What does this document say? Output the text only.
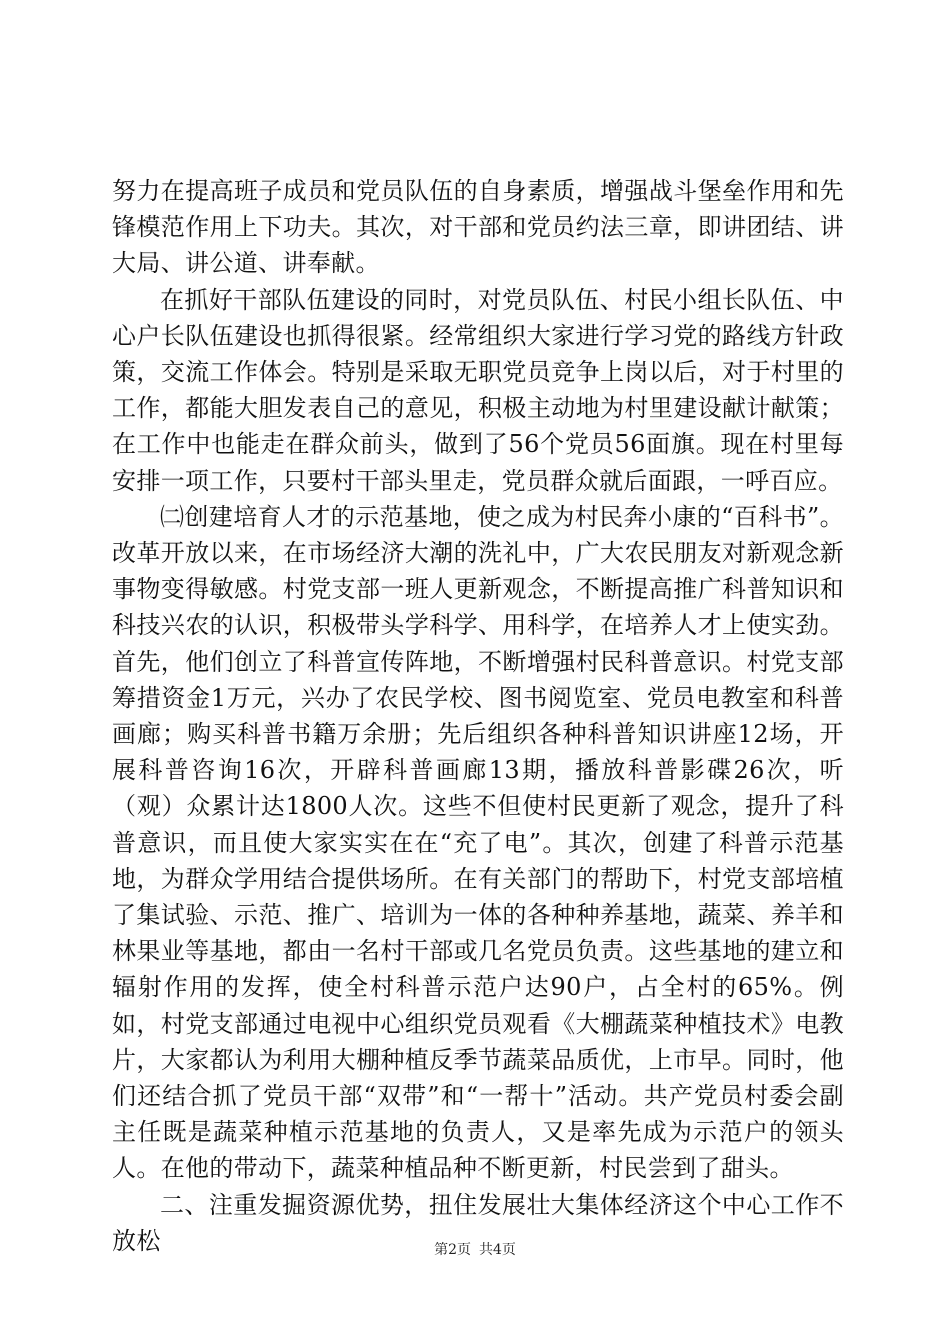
努力在提高班子成员和党员队伍的自身素质，增强战斗堡垒作用和先锋模范作用上下功夫。其次，对干部和党员约法三章，即讲团结、讲大局、讲公道、讲奉献。

在抓好干部队伍建设的同时，对党员队伍、村民小组长队伍、中心户长队伍建设也抓得很紧。经常组织大家进行学习党的路线方针政策，交流工作体会。特别是采取无职党员竞争上岗以后，对于村里的工作，都能大胆发表自己的意见，积极主动地为村里建设献计献策；在工作中也能走在群众前头，做到了56个党员56面旗。现在村里每安排一项工作，只要村干部头里走，党员群众就后面跟，一呼百应。

㈡创建培育人才的示范基地，使之成为村民奔小康的“百科书”。改革开放以来，在市场经济大潮的洗礼中，广大农民朋友对新观念新事物变得敏感。村党支部一班人更新观念，不断提高推广科普知识和科技兴农的认识，积极带头学科学、用科学，在培养人才上使实劲。首先，他们创立了科普宣传阵地，不断增强村民科普意识。村党支部筹措资金1万元，兴办了农民学校、图书阅览室、党员电教室和科普画廊；购买科普书籍万余册；先后组织各种科普知识讲座12场，开展科普咨询16次，开辟科普画廊13期，播放科普影碟26次，听（观）众累计达1800人次。这些不但使村民更新了观念，提升了科普意识，而且使大家实实在在“充了电”。其次，创建了科普示范基地，为群众学用结合提供场所。在有关部门的帮助下，村党支部培植了集试验、示范、推广、培训为一体的各种种养基地，蔬菜、养羊和林果业等基地，都由一名村干部或几名党员负责。这些基地的建立和辐射作用的发挥，使全村科普示范户达90户，占全村的65%。例如，村党支部通过电视中心组织党员观看《大棚蔬菜种植技术》电教片，大家都认为利用大棚种植反季节蔬菜品质优，上市早。同时，他们还结合抓了党员干部“双带”和“一帮十”活动。共产党员村委会副主任既是蔬菜种植示范基地的负责人，又是率先成为示范户的领头人。在他的带动下，蔬菜种植品种不断更新，村民尝到了甜头。

二、注重发掘资源优势，扭住发展壮大集体经济这个中心工作不放松	第2页 共4页
